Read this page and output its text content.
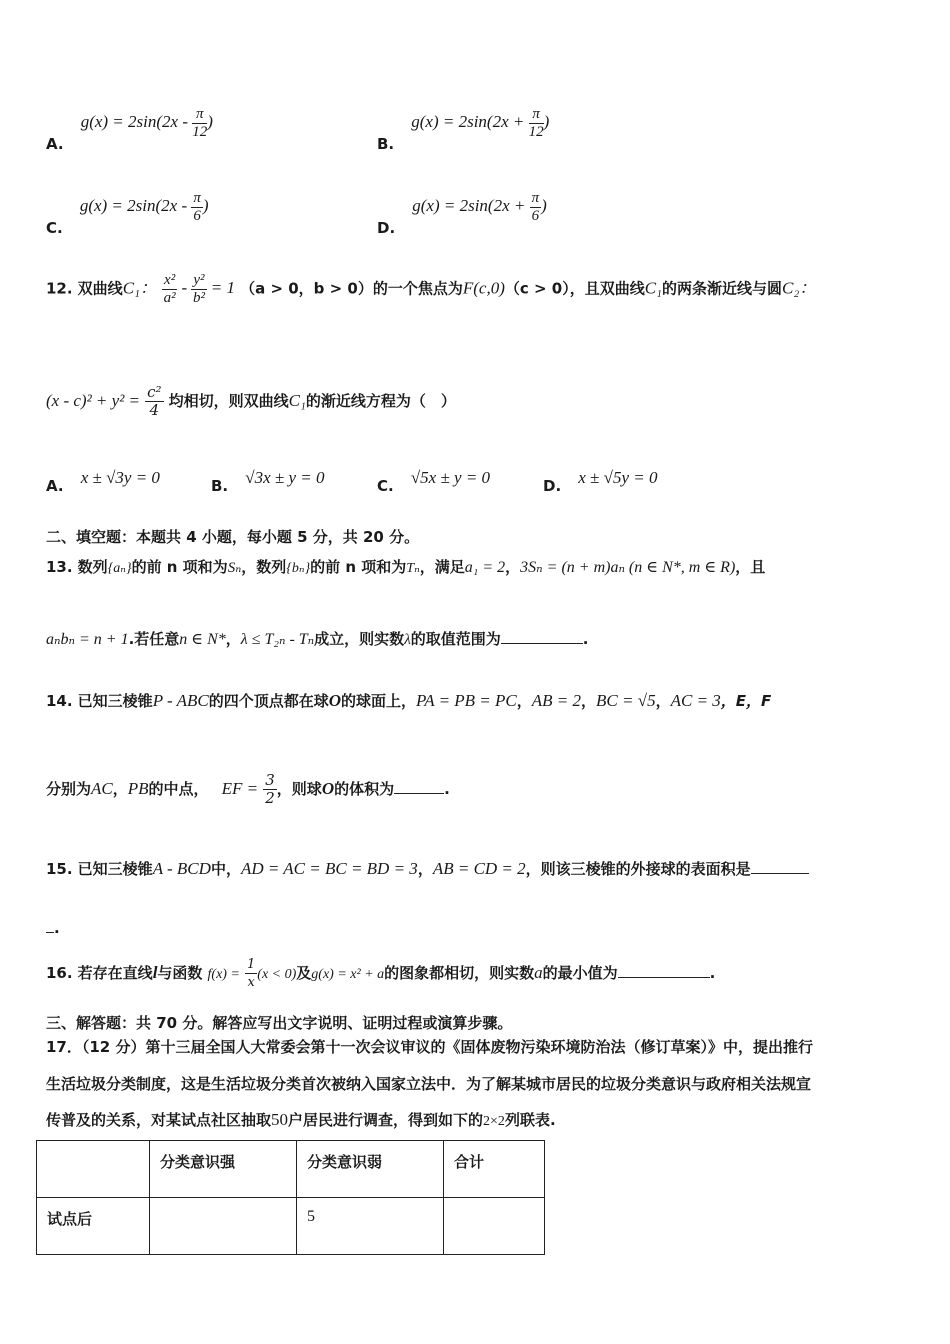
A. $g(x) = 2\sin(2x - \frac{\pi}{12}$ )
B. $g(x) = 2\sin(2x + \frac{\pi}{12}$ )
C. $g(x) = 2\sin(2x - \frac{\pi}{6}$ )
D. $g(x) = 2\sin(2x + \frac{\pi}{6}$ )
12. 双曲线C₁： $\frac{\text{x²}}{\text{a²}} - \frac{\text{y²}}{\text{b²}} = 1$ （a > 0，b > 0）的一个焦点为F(c,0)（c > 0），且双曲线C₁的两条渐近线与圆C₂：
$(x - c)^2 + y^2 = \frac{\text{c²}}{4}$ 均相切，则双曲线C₁的渐近线方程为（　）
A. x ± √3y = 0	B. √3x ± y = 0	C. √5x ± y = 0	D. x ± √5y = 0
二、填空题：本题共 4 小题，每小题 5 分，共 20 分。
13. 数列{aₙ}的前 n 项和为Sₙ，数列{bₙ}的前 n 项和为Tₙ，满足a₁ = 2，3Sₙ = (n + m)aₙ (n ∈ N*, m ∈ R)，且
aₙbₙ = n + 1.若任意n ∈ N*，λ ≤ T₂ₙ - Tₙ成立，则实数λ的取值范围为	.
14. 已知三棱锥P - ABC的四个顶点都在球O的球面上，PA = PB = PC，AB = 2，BC = √5，AC = 3，E，F
分别为AC，PB的中点， EF = $\frac{3}{2}$ ，则球O的体积为	.
15. 已知三棱锥A - BCD中，AD = AC = BC = BD = 3，AB = CD = 2，则该三棱锥的外接球的表面积是
.
16. 若存在直线l与函数 $f(x) = \frac{1}{x} (x < 0)$及g(x) = x² + a的图象都相切，则实数a的最小值为	.
三、解答题：共 70 分。解答应写出文字说明、证明过程或演算步骤。
17．（12 分）第十三届全国人大常委会第十一次会议审议的《固体废物污染环境防治法（修订草案）》中，提出推行
生活垃圾分类制度，这是生活垃圾分类首次被纳入国家立法中．为了解某城市居民的垃圾分类意识与政府相关法规宣
传普及的关系，对某试点社区抽取50户居民进行调查，得到如下的2×2列联表.
	分类意识强	分类意识弱	合计
试点后		5	
